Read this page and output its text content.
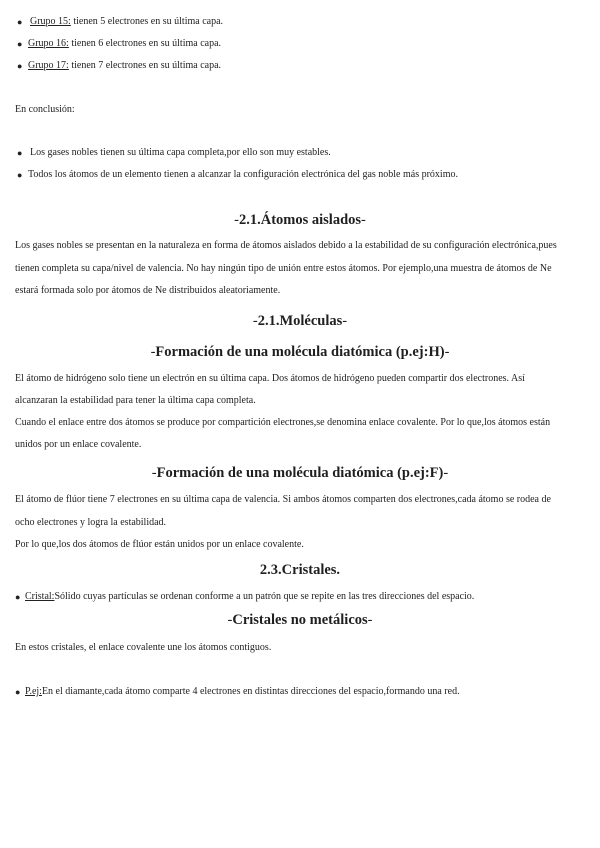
● Grupo 15: tienen 5 electrones en su última capa.
● Grupo 16: tienen 6 electrones en su última capa.
● Grupo 17: tienen 7 electrones en su última capa.
En conclusión:
● Los gases nobles tienen su última capa completa,por ello son muy estables.
● Todos los átomos de un elemento tienen a alcanzar la configuración electrónica del gas noble más próximo.
-2.1.Átomos aislados-
Los gases nobles se presentan en la naturaleza en forma de átomos aislados debido a la estabilidad de su configuración electrónica,pues
tienen completa su capa/nivel de valencia. No hay ningún tipo de unión entre estos átomos. Por ejemplo,una muestra de átomos de Ne
estará formada solo por átomos de Ne distribuidos aleatoriamente.
-2.1.Moléculas-
-Formación de una molécula diatómica (p.ej:H)-
El átomo de hidrógeno solo tiene un electrón en su última capa. Dos átomos de hidrógeno pueden compartir dos electrones. Así
alcanzaran la estabilidad para tener la última capa completa.
Cuando el enlace entre dos átomos se produce por compartición electrones,se denomina enlace covalente. Por lo que,los átomos están
unidos por un enlace covalente.
-Formación de una molécula diatómica (p.ej:F)-
El átomo de flúor tiene 7 electrones en su última capa de valencia. Si ambos átomos comparten dos electrones,cada átomo se rodea de
ocho electrones y logra la estabilidad.
Por lo que,los dos átomos de flúor están unidos por un enlace covalente.
2.3.Cristales.
● Cristal:Sólido cuyas partículas se ordenan conforme a un patrón que se repite en las tres direcciones del espacio.
-Cristales no metálicos-
En estos cristales, el enlace covalente une los átomos contiguos.
● P.ej:En el diamante,cada átomo comparte 4 electrones en distintas direcciones del espacio,formando una red.
